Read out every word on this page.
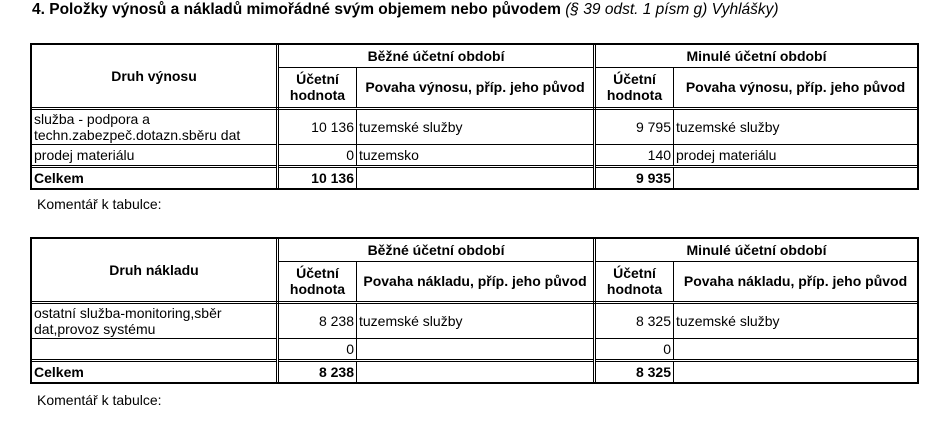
4. Položky výnosů a nákladů mimořádné svým objemem nebo původem (§ 39 odst. 1 písm g) Vyhlášky)
Druh výnosu	Běžné účetní období		Minulé účetní období	
	Účetní hodnota	Povaha výnosu, příp. jeho původ	Účetní hodnota	Povaha výnosu, příp. jeho původ
služba - podpora a techn.zabezpeč.dotazn.sběru dat	10 136	tuzemské služby	9 795	tuzemské služby
prodej materiálu	0	tuzemsko	140	prodej materiálu
Celkem	10 136		9 935	
Komentář k tabulce:
Druh nákladu	Běžné účetní období		Minulé účetní období	
	Účetní hodnota	Povaha nákladu, příp. jeho původ	Účetní hodnota	Povaha nákladu, příp. jeho původ
ostatní služba-monitoring,sběr dat,provoz systému	8 238	tuzemské služby	8 325	tuzemské služby
	0		0	
Celkem	8 238		8 325	
Komentář k tabulce:
